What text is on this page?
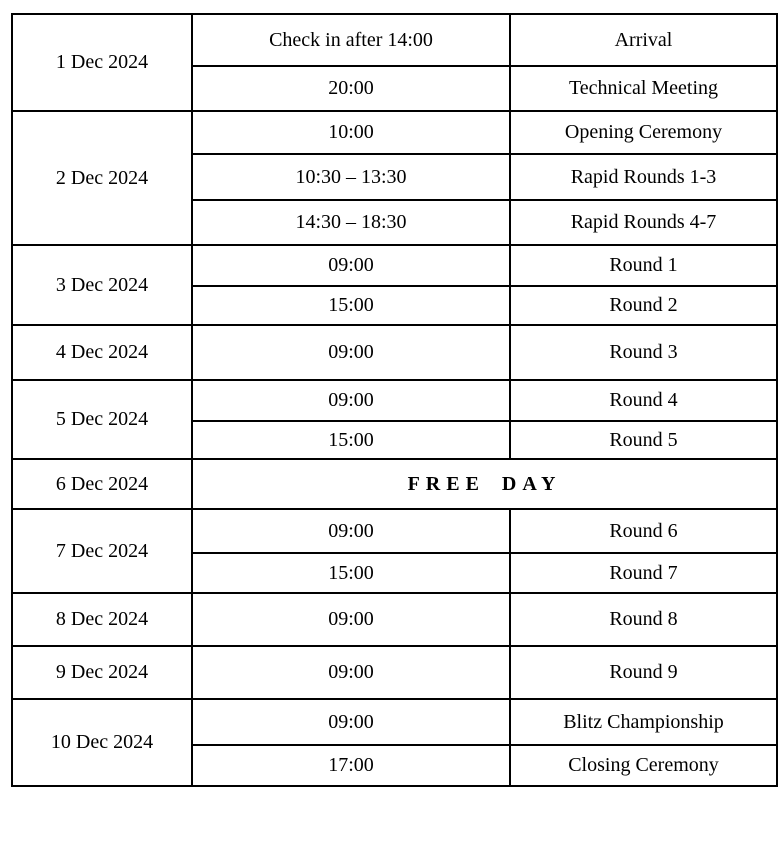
1 Dec 2024	Check in after 14:00	Arrival
	20:00	Technical Meeting
2 Dec 2024	10:00	Opening Ceremony
	10:30 – 13:30	Rapid Rounds 1-3
	14:30 – 18:30	Rapid Rounds 4-7
3 Dec 2024	09:00	Round 1
	15:00	Round 2
4 Dec 2024	09:00	Round 3
5 Dec 2024	09:00	Round 4
	15:00	Round 5
6 Dec 2024	FREE DAY	
7 Dec 2024	09:00	Round 6
	15:00	Round 7
8 Dec 2024	09:00	Round 8
9 Dec 2024	09:00	Round 9
10 Dec 2024	09:00	Blitz Championship
	17:00	Closing Ceremony
